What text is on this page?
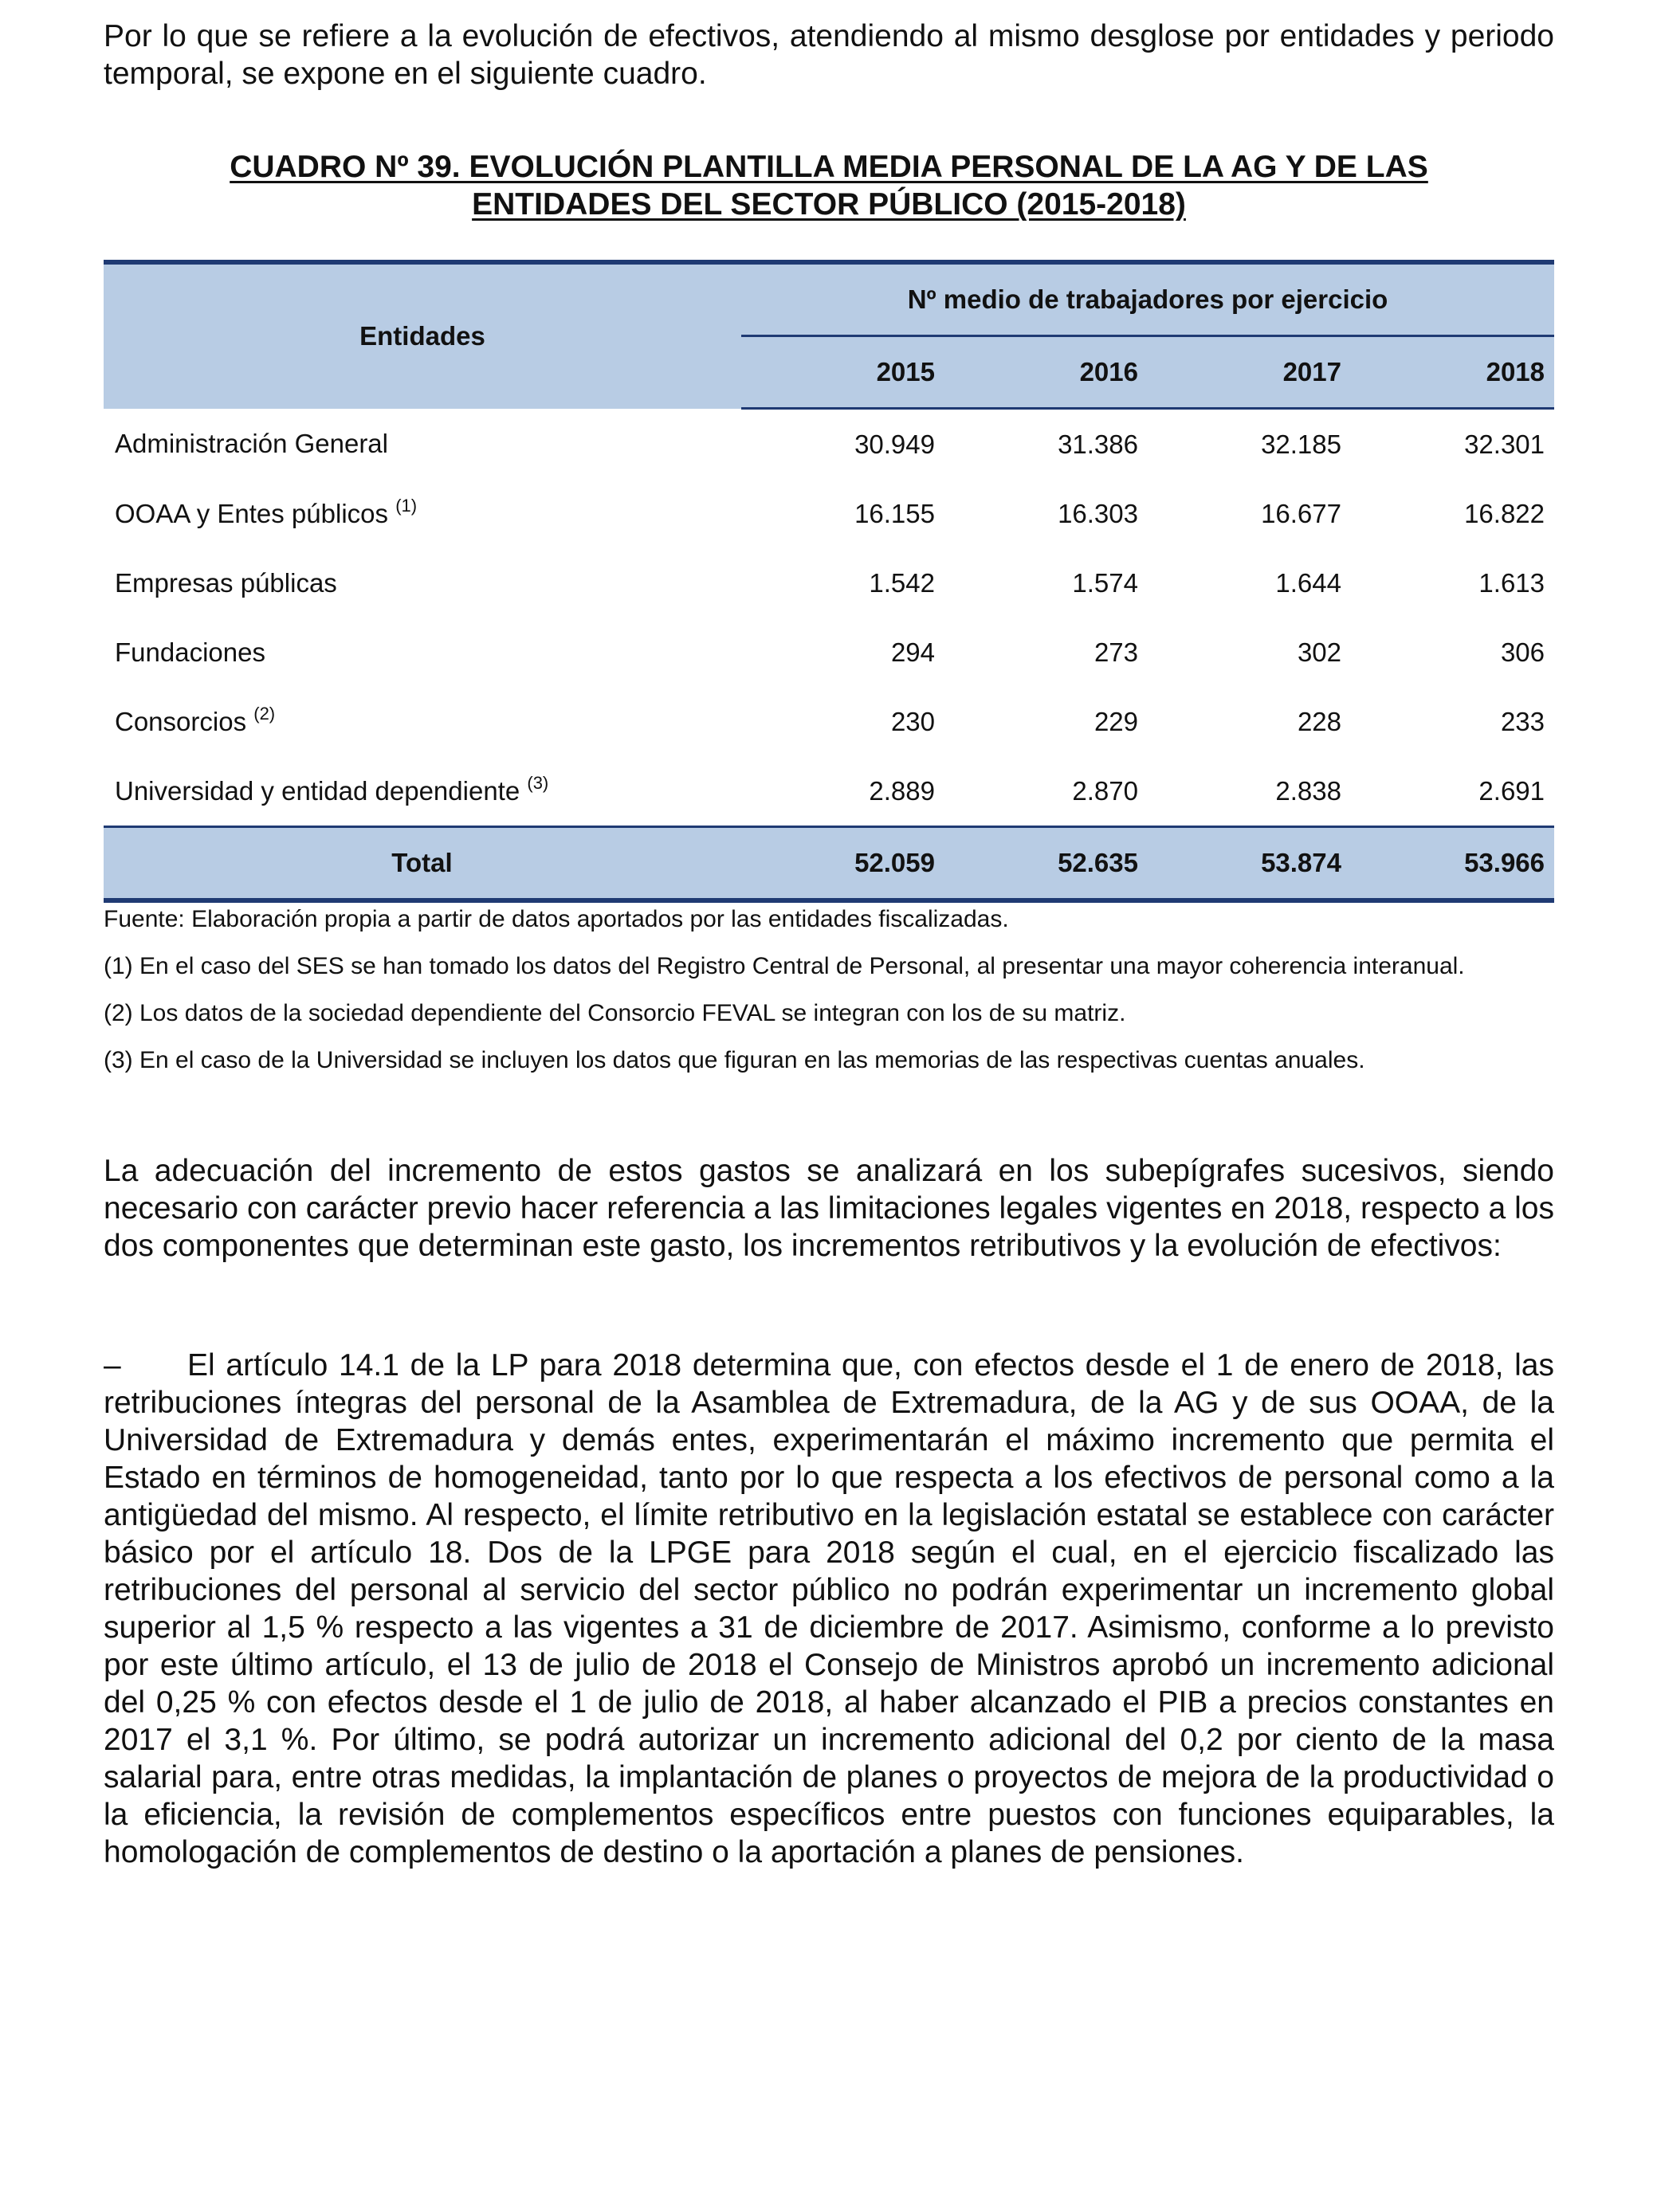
Por lo que se refiere a la evolución de efectivos, atendiendo al mismo desglose por entidades y periodo temporal, se expone en el siguiente cuadro.

CUADRO Nº 39. EVOLUCIÓN PLANTILLA MEDIA PERSONAL DE LA AG Y DE LAS
ENTIDADES DEL SECTOR PÚBLICO (2015-2018)
Entidades	Nº medio de trabajadores por ejercicio			
	2015	2016	2017	2018
Administración General	30.949	31.386	32.185	32.301
OOAA y Entes públicos $^{(1)}$	16.155	16.303	16.677	16.822
Empresas públicas	1.542	1.574	1.644	1.613
Fundaciones	294	273	302	306
Consorcios $^{(2)}$	230	229	228	233
Universidad y entidad dependiente $^{(3)}$	2.889	2.870	2.838	2.691
Total	52.059	52.635	53.874	53.966

Fuente: Elaboración propia a partir de datos aportados por las entidades fiscalizadas.

(1) En el caso del SES se han tomado los datos del Registro Central de Personal, al presentar una mayor coherencia interanual.

(2) Los datos de la sociedad dependiente del Consorcio FEVAL se integran con los de su matriz.

(3) En el caso de la Universidad se incluyen los datos que figuran en las memorias de las respectivas cuentas anuales.

La adecuación del incremento de estos gastos se analizará en los subepígrafes sucesivos, siendo necesario con carácter previo hacer referencia a las limitaciones legales vigentes en 2018, respecto a los dos componentes que determinan este gasto, los incrementos retributivos y la evolución de efectivos:

– El artículo 14.1 de la LP para 2018 determina que, con efectos desde el 1 de enero de 2018, las retribuciones íntegras del personal de la Asamblea de Extremadura, de la AG y de sus OOAA, de la Universidad de Extremadura y demás entes, experimentarán el máximo incremento que permita el Estado en términos de homogeneidad, tanto por lo que respecta a los efectivos de personal como a la antigüedad del mismo. Al respecto, el límite retributivo en la legislación estatal se establece con carácter básico por el artículo 18. Dos de la LPGE para 2018 según el cual, en el ejercicio fiscalizado las retribuciones del personal al servicio del sector público no podrán experimentar un incremento global superior al 1,5 % respecto a las vigentes a 31 de diciembre de 2017. Asimismo, conforme a lo previsto por este último artículo, el 13 de julio de 2018 el Consejo de Ministros aprobó un incremento adicional del 0,25 % con efectos desde el 1 de julio de 2018, al haber alcanzado el PIB a precios constantes en 2017 el 3,1 %. Por último, se podrá autorizar un incremento adicional del 0,2 por ciento de la masa salarial para, entre otras medidas, la implantación de planes o proyectos de mejora de la productividad o la eficiencia, la revisión de complementos específicos entre puestos con funciones equiparables, la homologación de complementos de destino o la aportación a planes de pensiones.
